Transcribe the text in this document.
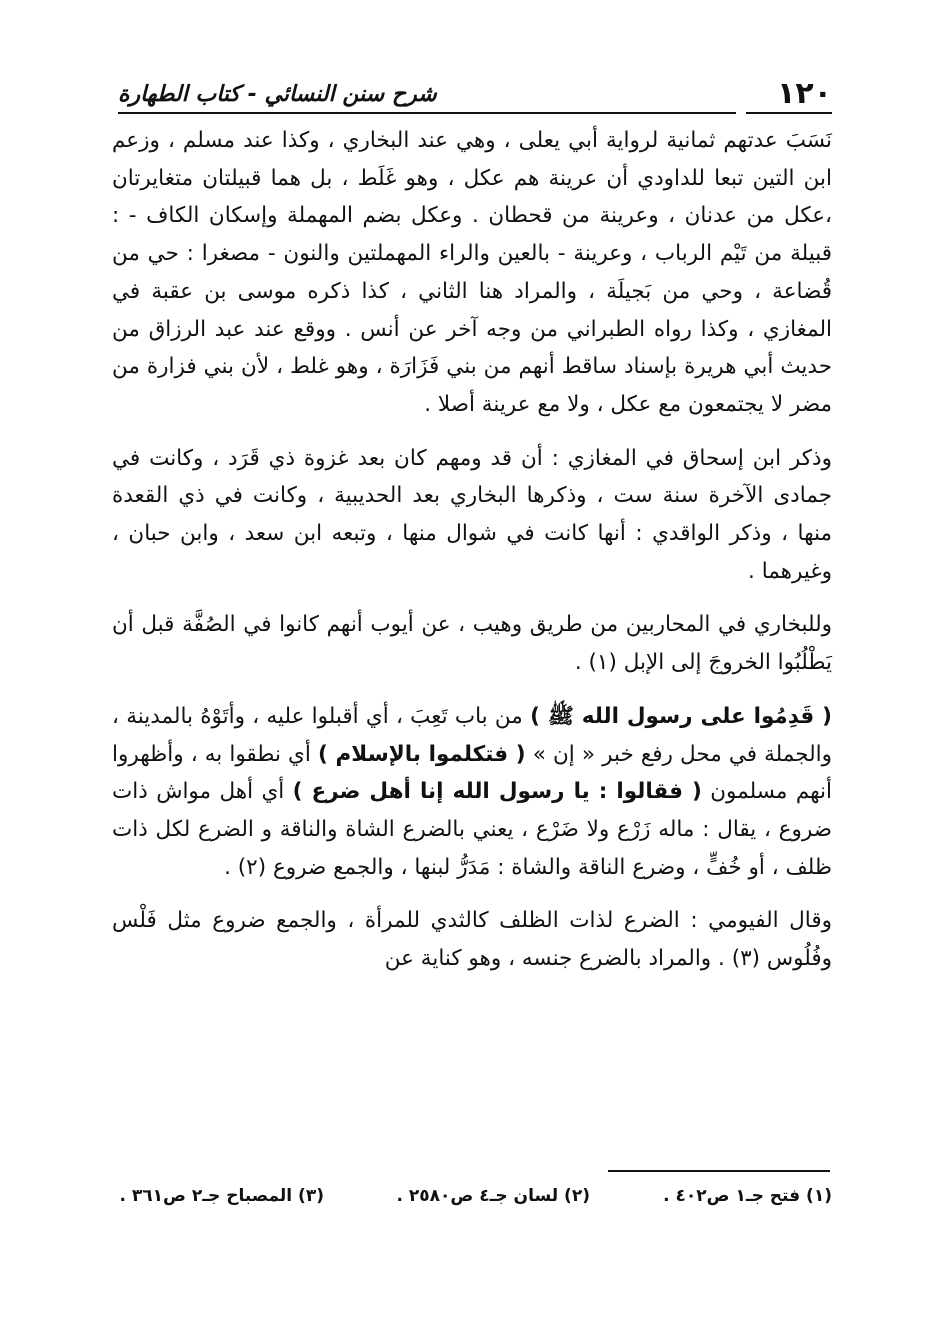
١٢٠
شرح سنن النسائي - كتاب الطهارة

نَسَبَ عدتهم ثمانية لرواية أبي يعلى ، وهي عند البخاري ، وكذا عند مسلم ، وزعم ابن التين تبعا للداودي أن عرينة هم عكل ، وهو غَلَط ، بل هما قبيلتان متغايرتان ،عكل من عدنان ، وعرينة من قحطان . وعكل بضم المهملة وإسكان الكاف - : قبيلة من تَيْم الرباب ، وعرينة - بالعين والراء المهملتين والنون - مصغرا : حي من قُضاعة ، وحي من بَجيلَة ، والمراد هنا الثاني ، كذا ذكره موسى بن عقبة في المغازي ، وكذا رواه الطبراني من وجه آخر عن أنس . ووقع عند عبد الرزاق من حديث أبي هريرة بإسناد ساقط أنهم من بني فَزَارَة ، وهو غلط ، لأن بني فزارة من مضر لا يجتمعون مع عكل ، ولا مع عرينة أصلا .

وذكر ابن إسحاق في المغازي : أن قد ومهم كان بعد غزوة ذي قَرَد ، وكانت في جمادى الآخرة سنة ست ، وذكرها البخاري بعد الحديبية ، وكانت في ذي القعدة منها ، وذكر الواقدي : أنها كانت في شوال منها ، وتبعه ابن سعد ، وابن حبان ، وغيرهما .

وللبخاري في المحاربين من طريق وهيب ، عن أيوب أنهم كانوا في الصُفَّة قبل أن يَطْلُبُوا الخروجَ إلى الإبل (١) .

( قَدِمُوا على رسول الله ﷺ ) من باب تَعِبَ ، أي أقبلوا عليه ، وأتَوْهُ بالمدينة ، والجملة في محل رفع خبر « إن » ( فتكلموا بالإسلام ) أي نطقوا به ، وأظهروا أنهم مسلمون ( فقالوا : يا رسول الله إنا أهل ضرع ) أي أهل مواش ذات ضروع ، يقال : ماله زَرْع ولا ضَرْع ، يعني بالضرع الشاة والناقة و الضرع لكل ذات ظلف ، أو خُفٍّ ، وضرع الناقة والشاة : مَدَرُّ لبنها ، والجمع ضروع (٢) .

وقال الفيومي : الضرع لذات الظلف كالثدي للمرأة ، والجمع ضروع مثل فَلْس وفُلُوس (٣) . والمراد بالضرع جنسه ، وهو كناية عن

(١) فتح جـ١ ص٤٠٢ .
(٢) لسان جـ٤ ص٢٥٨٠ .
(٣) المصباح جـ٢ ص٣٦١ .
